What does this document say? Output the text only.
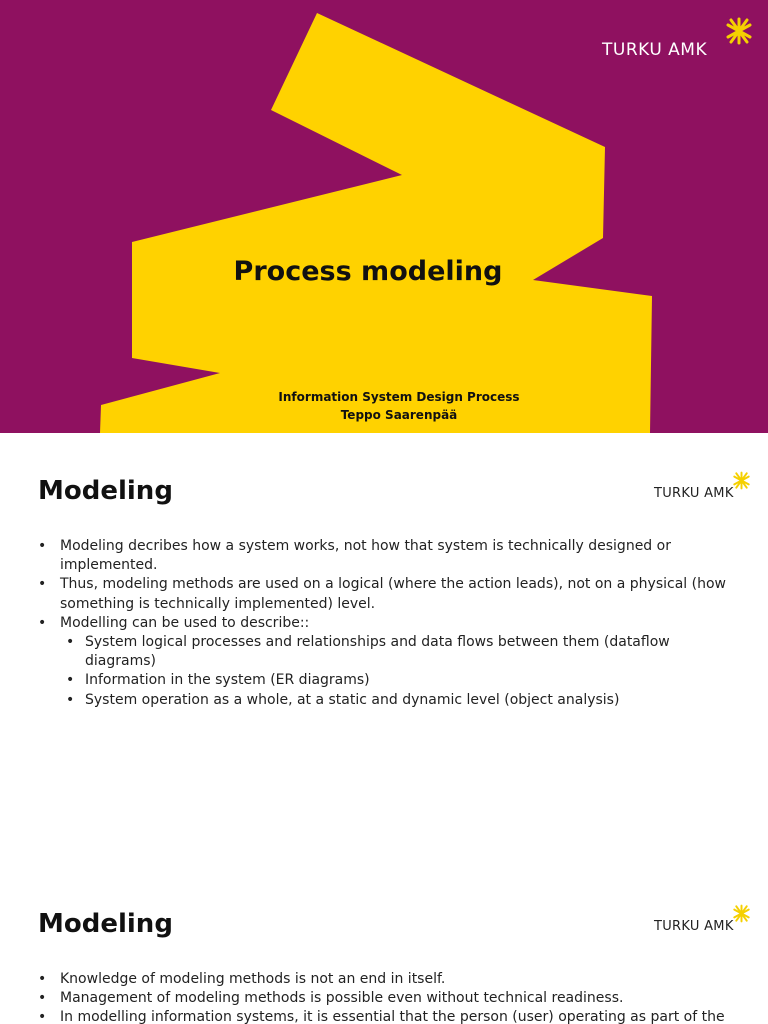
TURKU AMK
Process modeling
Information System Design Process
Teppo Saarenpää
Modeling	TURKU AMK
• Modeling decribes how a system works, not how that system is technically designed or implemented.
• Thus, modeling methods are used on a logical (where the action leads), not on a physical (how something is technically implemented) level.
• Modelling can be used to describe::
• System logical processes and relationships and data flows between them (dataflow diagrams)
• Information in the system (ER diagrams)
• System operation as a whole, at a static and dynamic level (object analysis)
Modeling	TURKU AMK
• Knowledge of modeling methods is not an end in itself.
• Management of modeling methods is possible even without technical readiness.
• In modelling information systems, it is essential that the person (user) operating as part of the
